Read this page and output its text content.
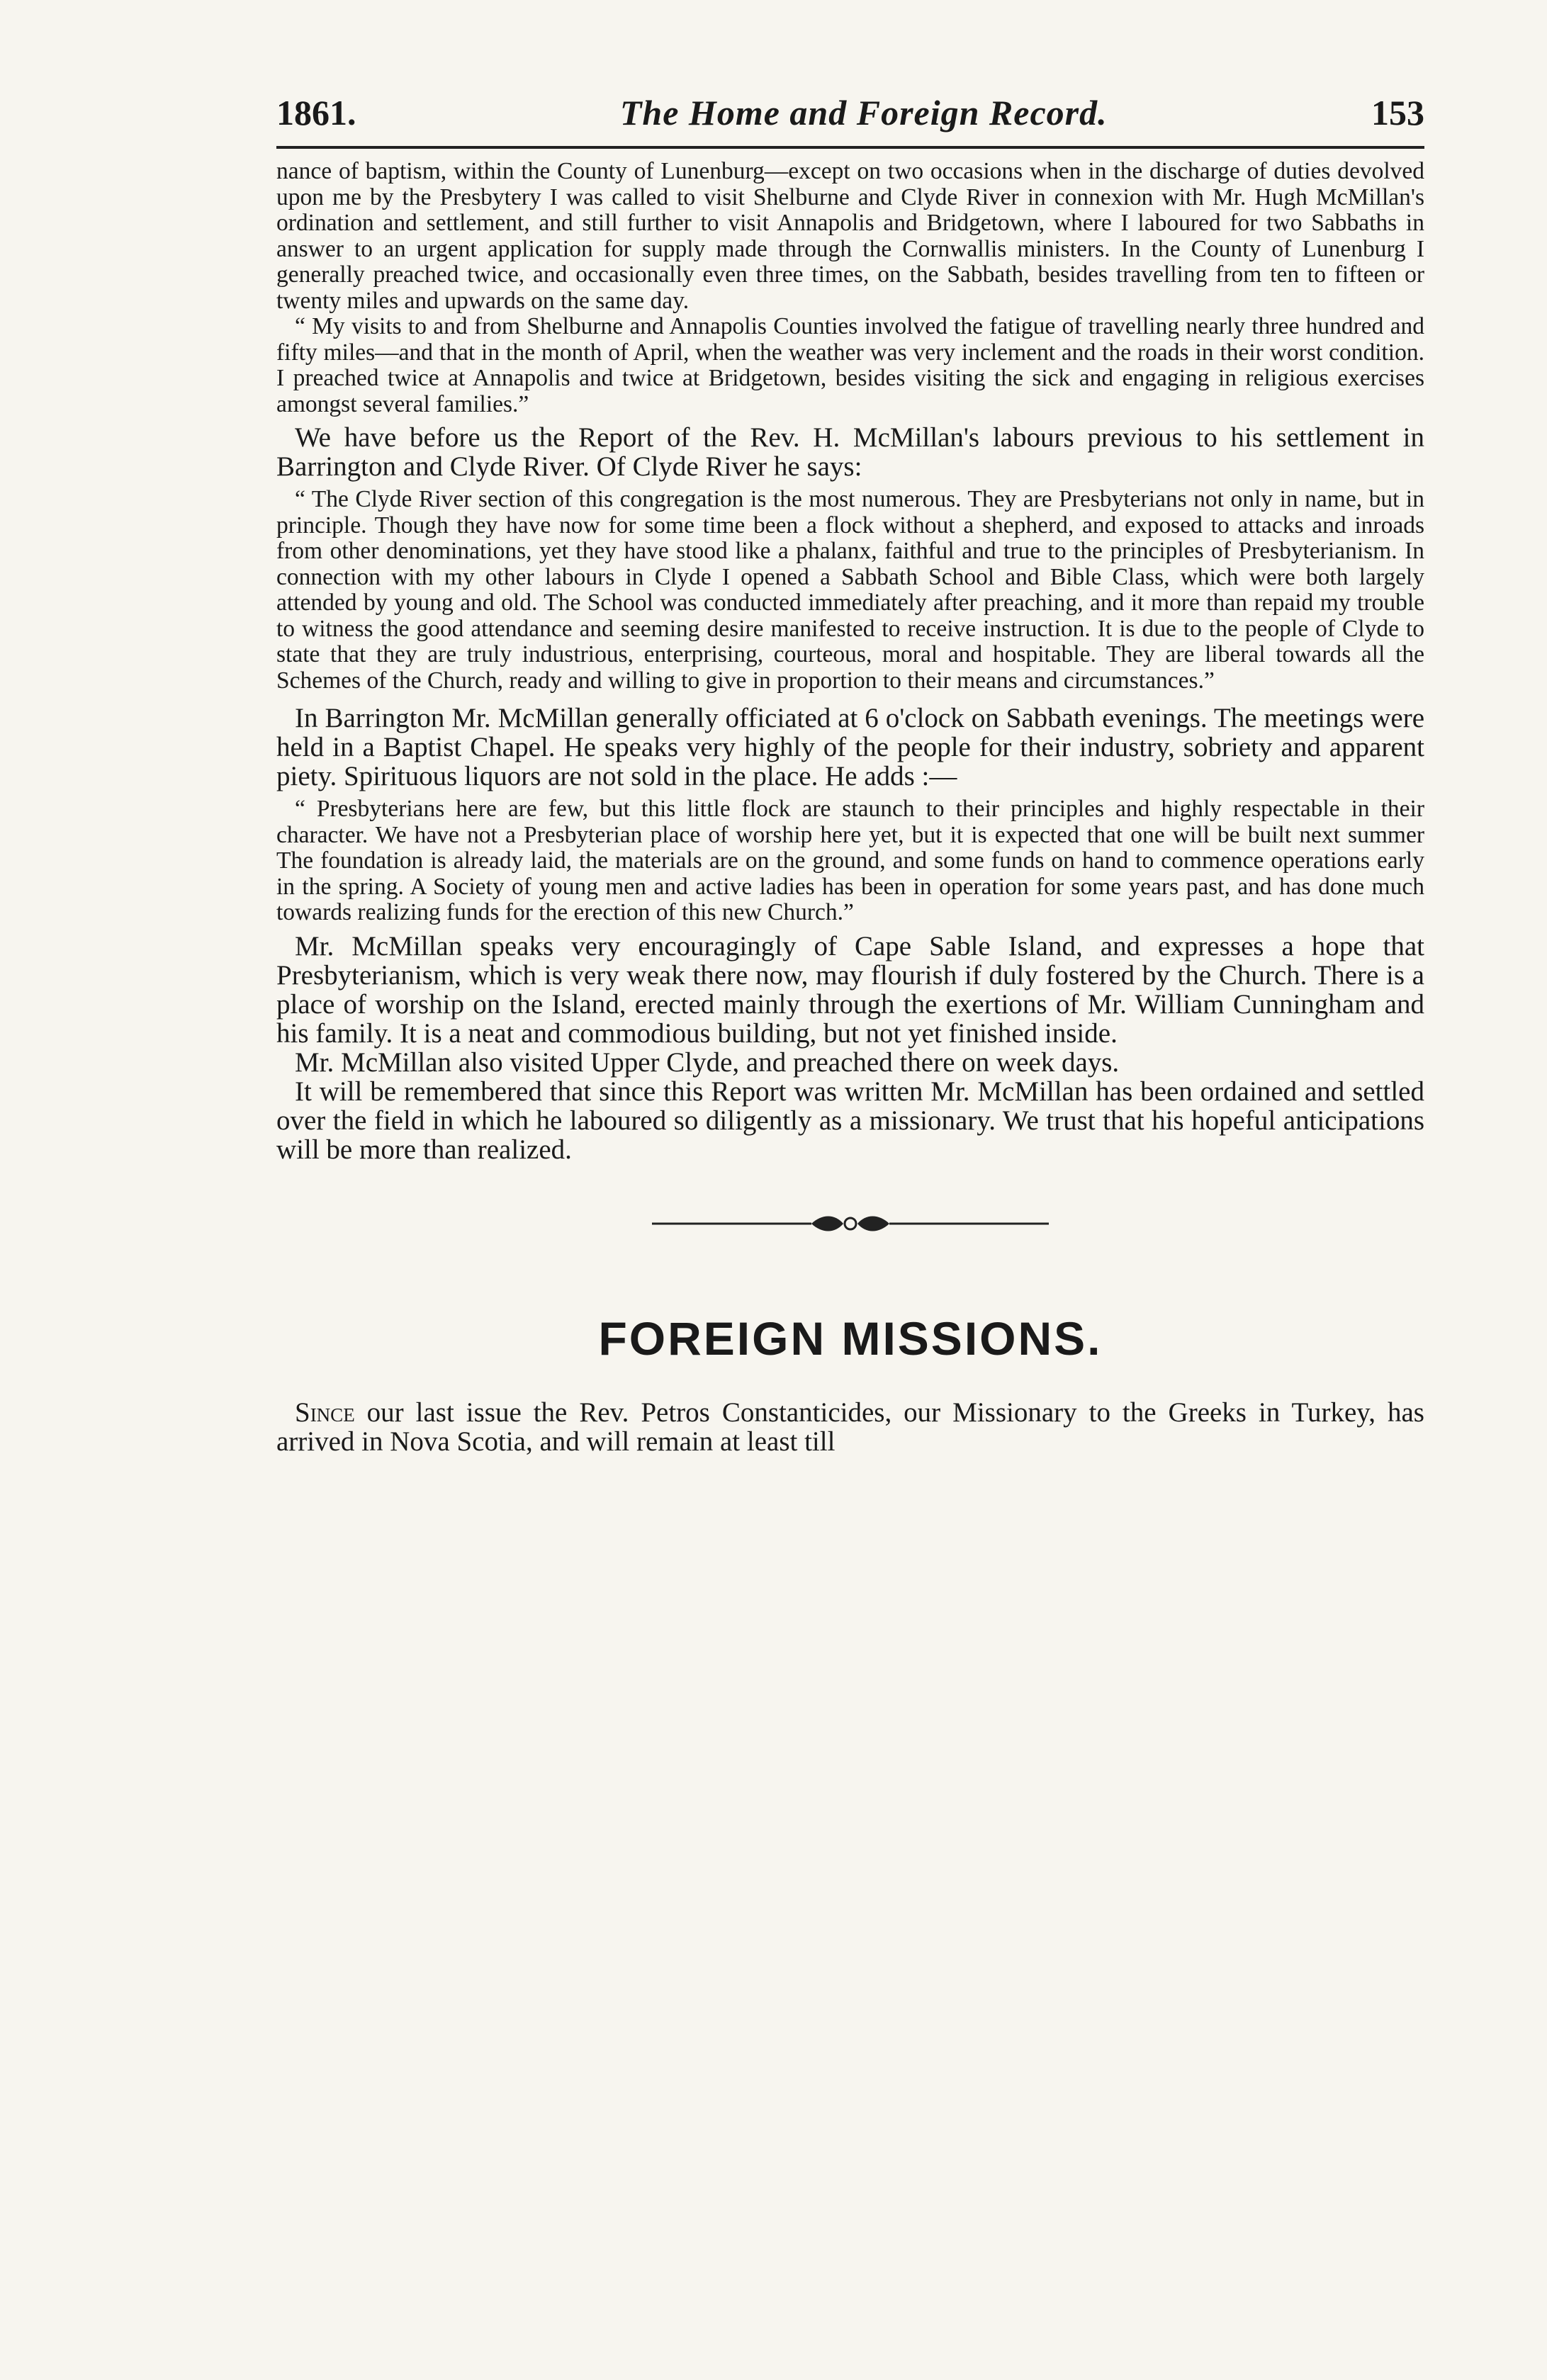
1861.	The Home and Foreign Record.	153

nance of baptism, within the County of Lunenburg—except on two occasions when in the discharge of duties devolved upon me by the Presbytery I was called to visit Shelburne and Clyde River in connexion with Mr. Hugh McMillan's ordination and settlement, and still further to visit Annapolis and Bridgetown, where I laboured for two Sabbaths in answer to an urgent application for supply made through the Cornwallis ministers. In the County of Lunenburg I generally preached twice, and occasionally even three times, on the Sabbath, besides travelling from ten to fifteen or twenty miles and upwards on the same day.

“ My visits to and from Shelburne and Annapolis Counties involved the fatigue of travelling nearly three hundred and fifty miles—and that in the month of April, when the weather was very inclement and the roads in their worst condition. I preached twice at Annapolis and twice at Bridgetown, besides visiting the sick and engaging in religious exercises amongst several families.”

We have before us the Report of the Rev. H. McMillan's labours previous to his settlement in Barrington and Clyde River. Of Clyde River he says:

“ The Clyde River section of this congregation is the most numerous. They are Presbyterians not only in name, but in principle. Though they have now for some time been a flock without a shepherd, and exposed to attacks and inroads from other denominations, yet they have stood like a phalanx, faithful and true to the principles of Presbyterianism. In connection with my other labours in Clyde I opened a Sabbath School and Bible Class, which were both largely attended by young and old. The School was conducted immediately after preaching, and it more than repaid my trouble to witness the good attendance and seeming desire manifested to receive instruction. It is due to the people of Clyde to state that they are truly industrious, enterprising, courteous, moral and hospitable. They are liberal towards all the Schemes of the Church, ready and willing to give in proportion to their means and circumstances.”

In Barrington Mr. McMillan generally officiated at 6 o'clock on Sabbath evenings. The meetings were held in a Baptist Chapel. He speaks very highly of the people for their industry, sobriety and apparent piety. Spirituous liquors are not sold in the place. He adds :—

“ Presbyterians here are few, but this little flock are staunch to their principles and highly respectable in their character. We have not a Presbyterian place of worship here yet, but it is expected that one will be built next summer The foundation is already laid, the materials are on the ground, and some funds on hand to commence operations early in the spring. A Society of young men and active ladies has been in operation for some years past, and has done much towards realizing funds for the erection of this new Church.”

Mr. McMillan speaks very encouragingly of Cape Sable Island, and expresses a hope that Presbyterianism, which is very weak there now, may flourish if duly fostered by the Church. There is a place of worship on the Island, erected mainly through the exertions of Mr. William Cunningham and his family. It is a neat and commodious building, but not yet finished inside.

Mr. McMillan also visited Upper Clyde, and preached there on week days.

It will be remembered that since this Report was written Mr. McMillan has been ordained and settled over the field in which he laboured so diligently as a missionary. We trust that his hopeful anticipations will be more than realized.

FOREIGN MISSIONS.

Since our last issue the Rev. Petros Constanticides, our Missionary to the Greeks in Turkey, has arrived in Nova Scotia, and will remain at least till
